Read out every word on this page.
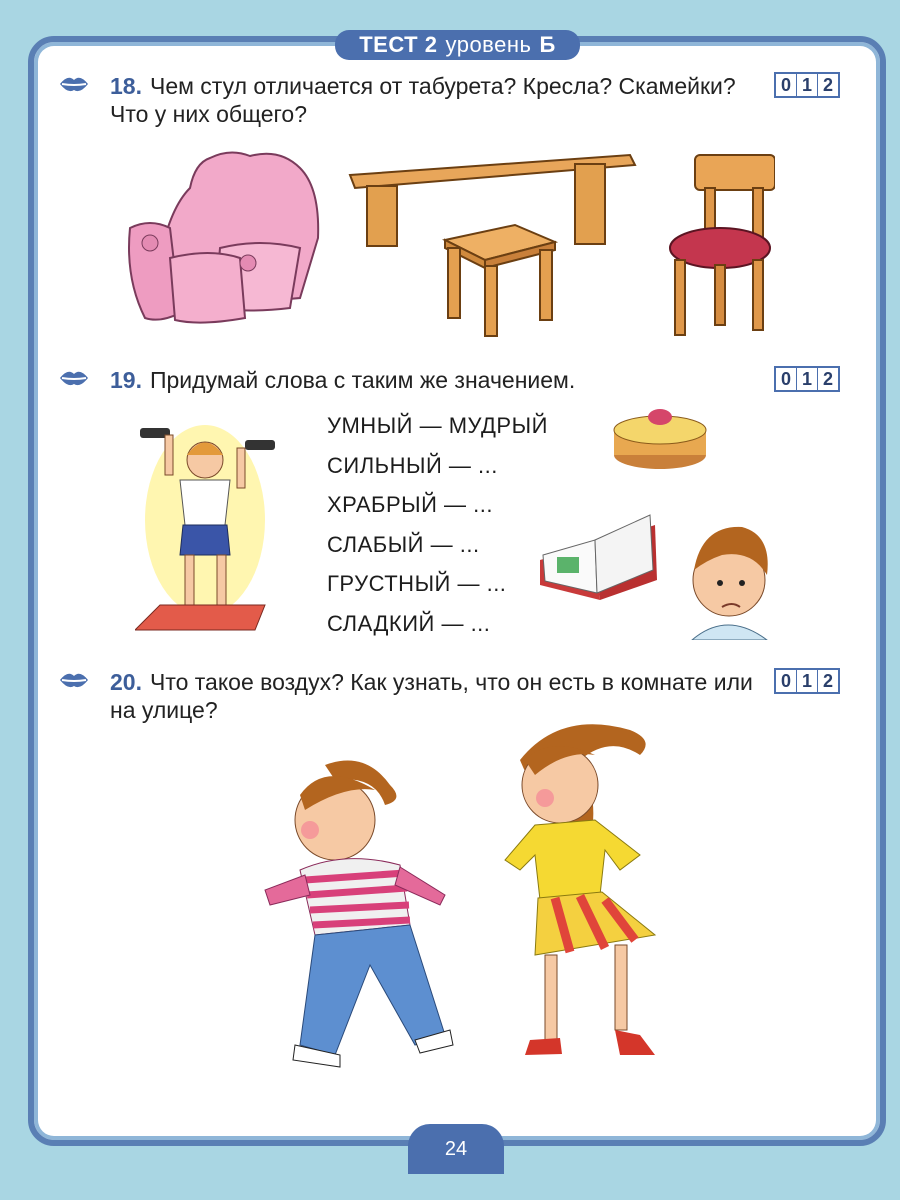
ТЕСТ 2 уровень Б
18. Чем стул отличается от табурета? Кресла? Скамейки? Что у них общего?
0 1 2
19. Придумай слова с таким же значением.	0 1 2
УМНЫЙ — МУДРЫЙ
СИЛЬНЫЙ — ...
ХРАБРЫЙ — ...
СЛАБЫЙ — ...
ГРУСТНЫЙ — ...
СЛАДКИЙ — ...
20. Что такое воздух? Как узнать, что он есть в комнате или на улице?
0 1 2
24
